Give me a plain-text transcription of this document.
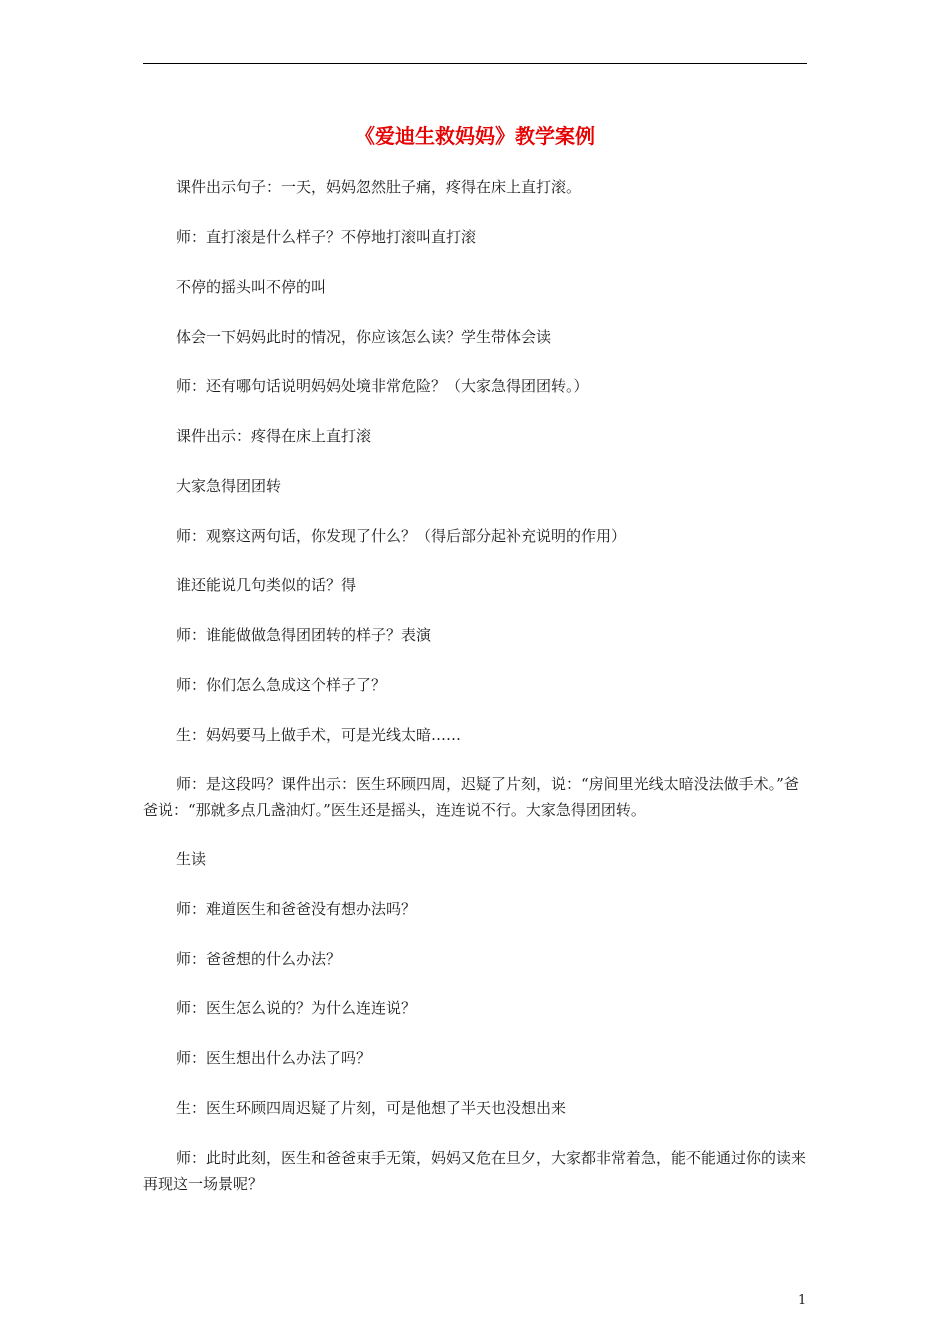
《爱迪生救妈妈》教学案例

课件出示句子：一天，妈妈忽然肚子痛，疼得在床上直打滚。

师：直打滚是什么样子？不停地打滚叫直打滚

不停的摇头叫不停的叫

体会一下妈妈此时的情况，你应该怎么读？学生带体会读

师：还有哪句话说明妈妈处境非常危险？（大家急得团团转。）

课件出示：疼得在床上直打滚

大家急得团团转

师：观察这两句话，你发现了什么？（得后部分起补充说明的作用）

谁还能说几句类似的话？得

师：谁能做做急得团团转的样子？表演

师：你们怎么急成这个样子了？

生：妈妈要马上做手术，可是光线太暗……

师：是这段吗？课件出示：医生环顾四周，迟疑了片刻，说：“房间里光线太暗没法做手术。”爸爸说：“那就多点几盏油灯。”医生还是摇头，连连说不行。大家急得团团转。

生读

师：难道医生和爸爸没有想办法吗？

师：爸爸想的什么办法？

师：医生怎么说的？为什么连连说？

师：医生想出什么办法了吗？

生：医生环顾四周迟疑了片刻，可是他想了半天也没想出来

师：此时此刻，医生和爸爸束手无策，妈妈又危在旦夕，大家都非常着急，能不能通过你的读来再现这一场景呢？

1
